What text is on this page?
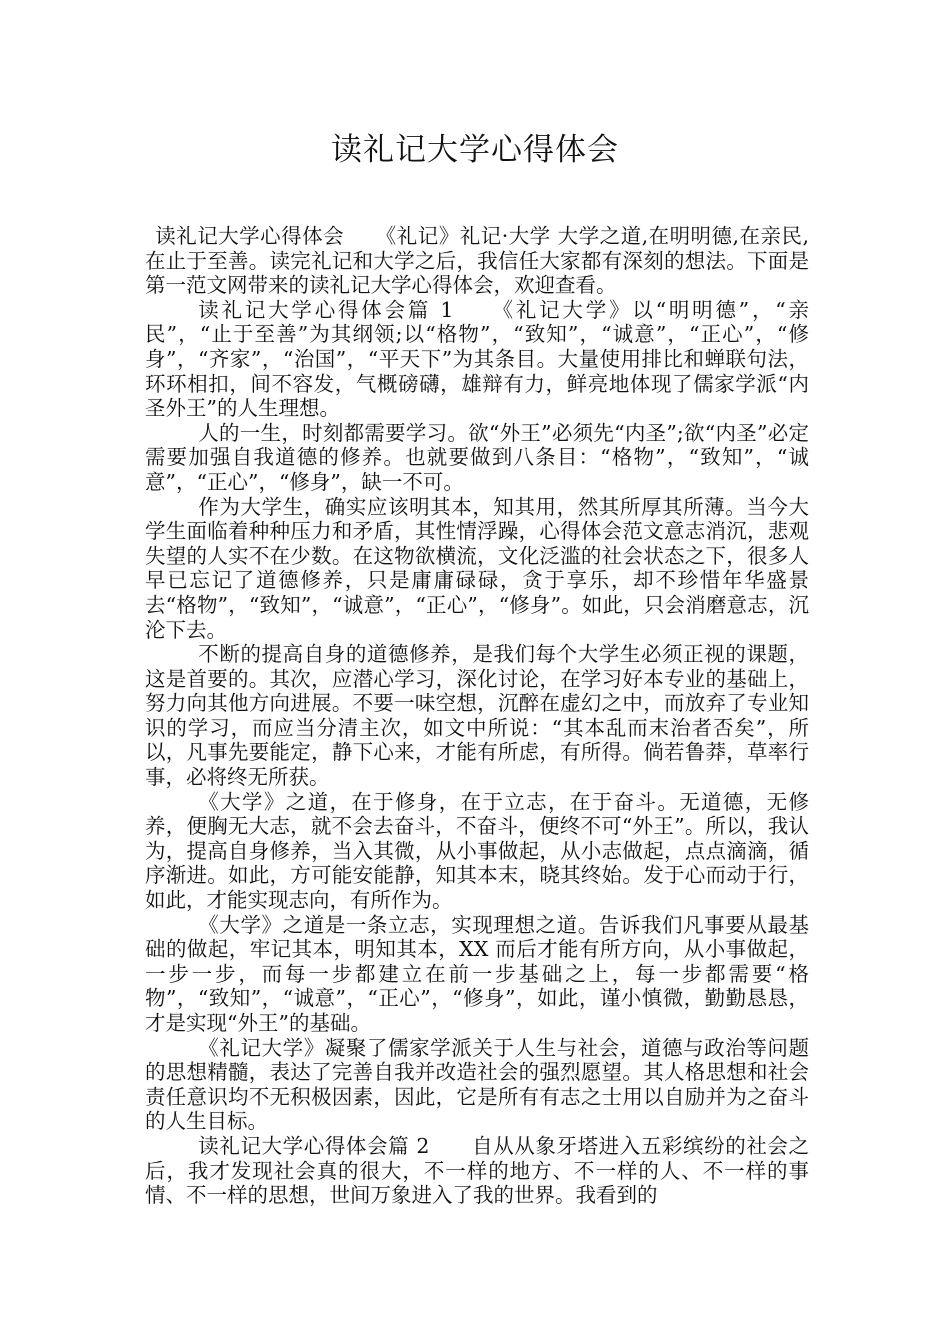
读礼记大学心得体会

读礼记大学心得体会　　《礼记》礼记·大学 大学之道,在明明德,在亲民,在止于至善。读完礼记和大学之后，我信任大家都有深刻的想法。下面是第一范文网带来的读礼记大学心得体会，欢迎查看。

读礼记大学心得体会篇 1　　《礼记大学》以“明明德”，“亲民”，“止于至善”为其纲领;以“格物”，“致知”，“诚意”，“正心”，“修身”，“齐家”，“治国”，“平天下”为其条目。大量使用排比和蝉联句法，环环相扣，间不容发，气概磅礴，雄辩有力，鲜亮地体现了儒家学派“内圣外王”的人生理想。

人的一生，时刻都需要学习。欲“外王”必须先“内圣”;欲“内圣”必定需要加强自我道德的修养。也就要做到八条目：“格物”，“致知”，“诚意”，“正心”，“修身”，缺一不可。

作为大学生，确实应该明其本，知其用，然其所厚其所薄。当今大学生面临着种种压力和矛盾，其性情浮躁，心得体会范文意志消沉，悲观失望的人实不在少数。在这物欲横流，文化泛滥的社会状态之下，很多人早已忘记了道德修养，只是庸庸碌碌，贪于享乐，却不珍惜年华盛景去“格物”，“致知”，“诚意”，“正心”，“修身”。如此，只会消磨意志，沉沦下去。

不断的提高自身的道德修养，是我们每个大学生必须正视的课题，这是首要的。其次，应潜心学习，深化讨论，在学习好本专业的基础上，努力向其他方向进展。不要一味空想，沉醉在虚幻之中，而放弃了专业知识的学习，而应当分清主次，如文中所说：“其本乱而末治者否矣”，所以，凡事先要能定，静下心来，才能有所虑，有所得。倘若鲁莽，草率行事，必将终无所获。

《大学》之道，在于修身，在于立志，在于奋斗。无道德，无修养，便胸无大志，就不会去奋斗，不奋斗，便终不可“外王”。所以，我认为，提高自身修养，当入其微，从小事做起，从小志做起，点点滴滴，循序渐进。如此，方可能安能静，知其本末，晓其终始。发于心而动于行，如此，才能实现志向，有所作为。

《大学》之道是一条立志，实现理想之道。告诉我们凡事要从最基础的做起，牢记其本，明知其本，XX 而后才能有所方向，从小事做起，一步一步，而每一步都建立在前一步基础之上，每一步都需要“格物”，“致知”，“诚意”，“正心”，“修身”，如此，谨小慎微，勤勤恳恳，才是实现“外王”的基础。

《礼记大学》凝聚了儒家学派关于人生与社会，道德与政治等问题的思想精髓，表达了完善自我并改造社会的强烈愿望。其人格思想和社会责任意识均不无积极因素，因此，它是所有有志之士用以自励并为之奋斗的人生目标。

读礼记大学心得体会篇 2　　自从从象牙塔进入五彩缤纷的社会之后，我才发现社会真的很大，不一样的地方、不一样的人、不一样的事情、不一样的思想，世间万象进入了我的世界。我看到的
